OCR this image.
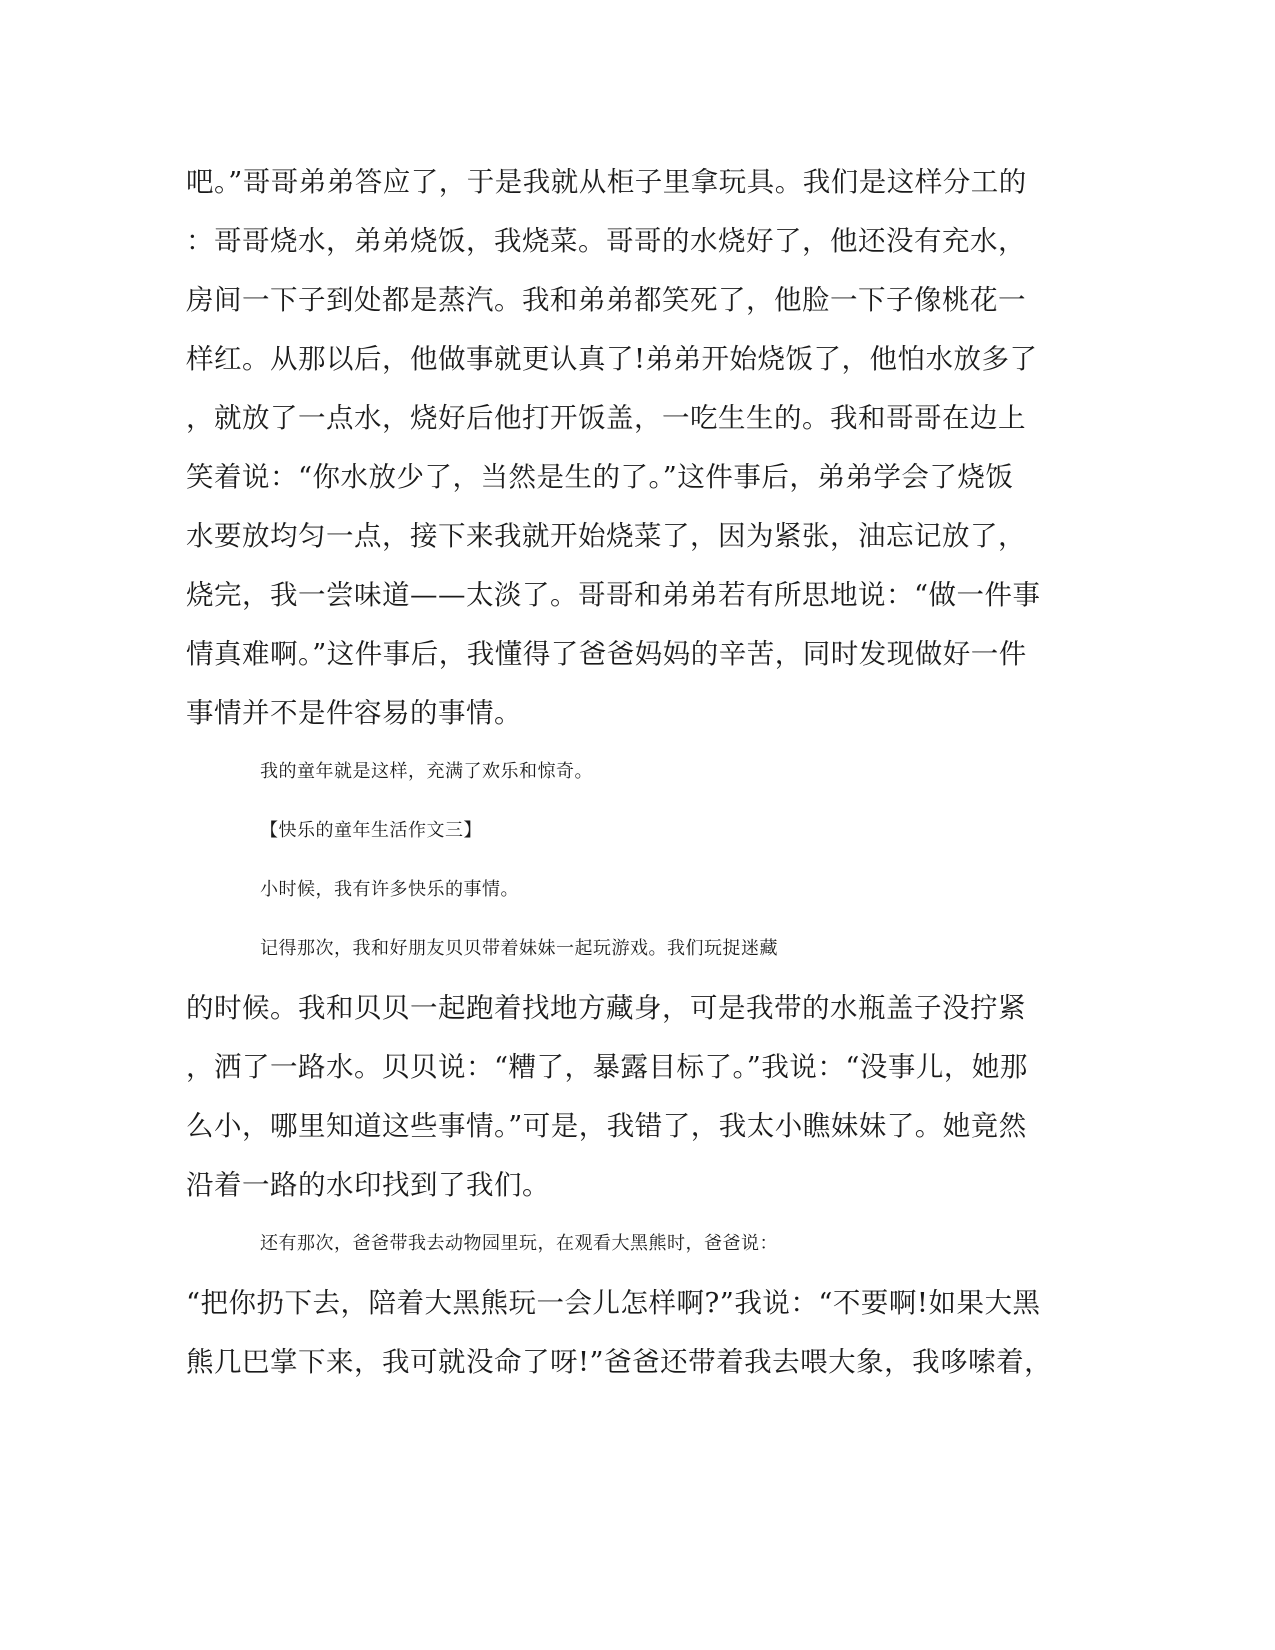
吧。”哥哥弟弟答应了，于是我就从柜子里拿玩具。我们是这样分工的
：哥哥烧水，弟弟烧饭，我烧菜。哥哥的水烧好了，他还没有充水，
房间一下子到处都是蒸汽。我和弟弟都笑死了，他脸一下子像桃花一
样红。从那以后，他做事就更认真了!弟弟开始烧饭了，他怕水放多了
，就放了一点水，烧好后他打开饭盖，一吃生生的。我和哥哥在边上
笑着说：“你水放少了，当然是生的了。”这件事后，弟弟学会了烧饭
水要放均匀一点，接下来我就开始烧菜了，因为紧张，油忘记放了，
烧完，我一尝味道——太淡了。哥哥和弟弟若有所思地说：“做一件事
情真难啊。”这件事后，我懂得了爸爸妈妈的辛苦，同时发现做好一件
事情并不是件容易的事情。
我的童年就是这样，充满了欢乐和惊奇。
【快乐的童年生活作文三】
小时候，我有许多快乐的事情。
记得那次，我和好朋友贝贝带着妹妹一起玩游戏。我们玩捉迷藏
的时候。我和贝贝一起跑着找地方藏身，可是我带的水瓶盖子没拧紧
，洒了一路水。贝贝说：“糟了，暴露目标了。”我说：“没事儿，她那
么小，哪里知道这些事情。”可是，我错了，我太小瞧妹妹了。她竟然
沿着一路的水印找到了我们。
还有那次，爸爸带我去动物园里玩，在观看大黑熊时，爸爸说：
“把你扔下去，陪着大黑熊玩一会儿怎样啊?”我说：“不要啊!如果大黑
熊几巴掌下来，我可就没命了呀!”爸爸还带着我去喂大象，我哆嗦着，
